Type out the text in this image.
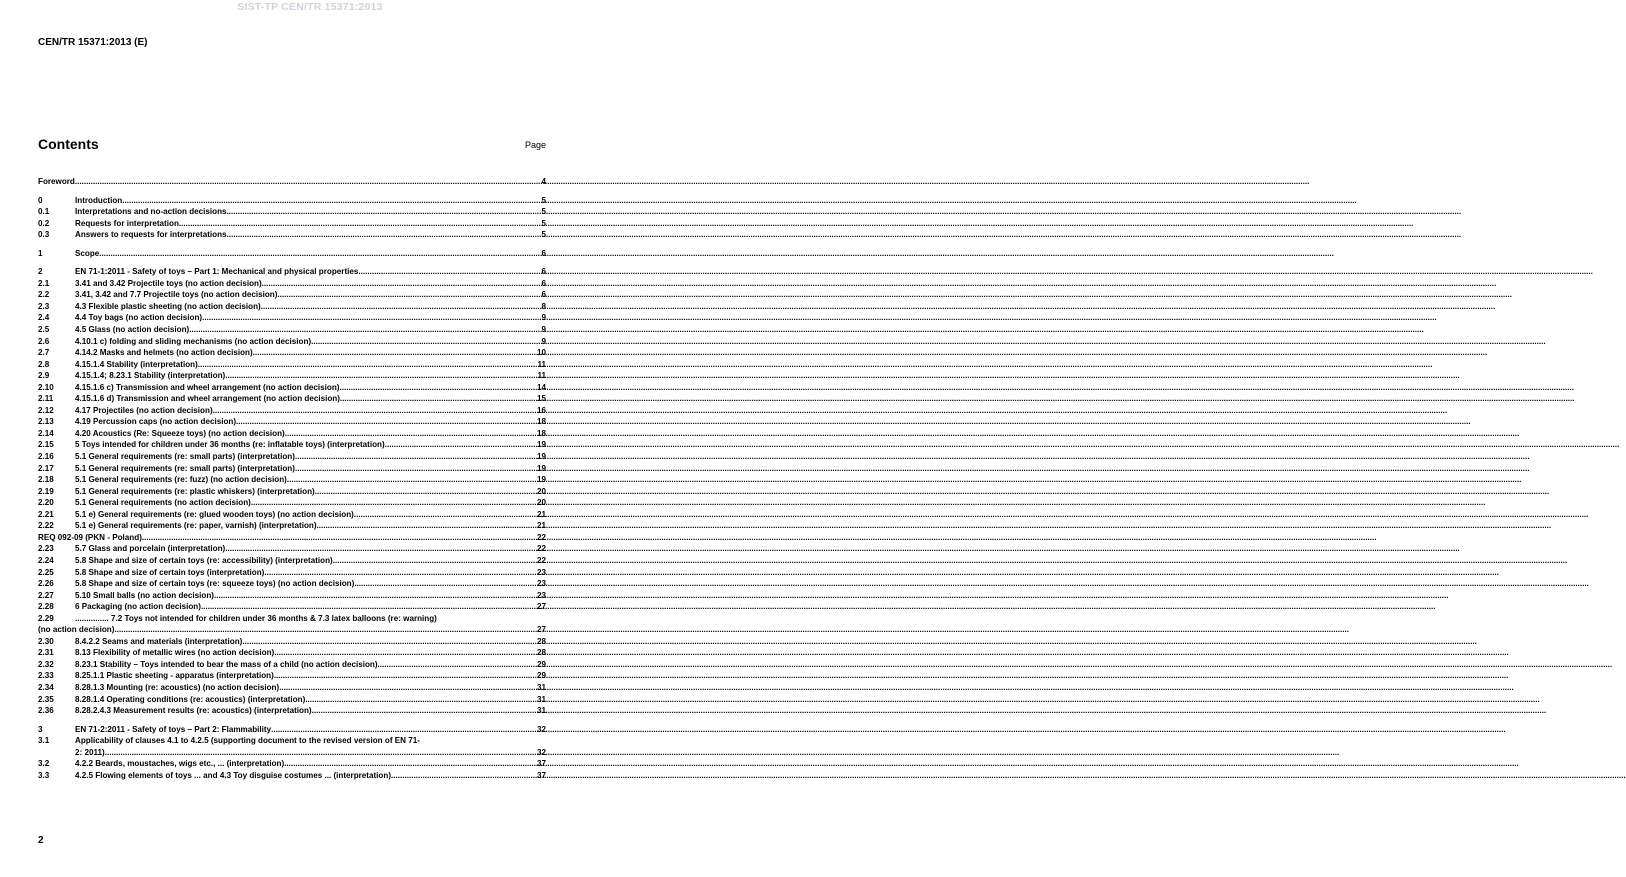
SIST-TP CEN/TR 15371:2013
CEN/TR 15371:2013 (E)
Contents	Page
Foreword .....	4
0	Introduction .....	5
0.1	Interpretations and no-action decisions .....	5
0.2	Requests for interpretation .....	5
0.3	Answers to requests for interpretations .....	5
1	Scope .....	6
2	EN 71-1:2011 - Safety of toys – Part 1: Mechanical and physical properties .....	6
2.1	3.41 and 3.42 Projectile toys (no action decision) .....	6
2.2	3.41, 3.42 and 7.7 Projectile toys (no action decision) .....	6
2.3	4.3 Flexible plastic sheeting (no action decision) .....	8
2.4	4.4 Toy bags (no action decision) .....	9
2.5	4.5 Glass (no action decision) .....	9
2.6	4.10.1 c) folding and sliding mechanisms (no action decision) .....	9
2.7	4.14.2 Masks and helmets (no action decision) .....	10
2.8	4.15.1.4 Stability (interpretation) .....	11
2.9	4.15.1.4; 8.23.1 Stability (interpretation) .....	11
2.10	4.15.1.6 c) Transmission and wheel arrangement (no action decision) .....	14
2.11	4.15.1.6 d) Transmission and wheel arrangement (no action decision) .....	15
2.12	4.17 Projectiles (no action decision) .....	16
2.13	4.19 Percussion caps (no action decision) .....	18
2.14	4.20 Acoustics (Re: Squeeze toys) (no action decision) .....	18
2.15	5 Toys intended for children under 36 months (re: inflatable toys) (interpretation) .....	19
2.16	5.1 General requirements (re: small parts) (interpretation) .....	19
2.17	5.1 General requirements (re: small parts) (interpretation) .....	19
2.18	5.1 General requirements (re: fuzz) (no action decision) .....	19
2.19	5.1 General requirements (re: plastic whiskers) (interpretation) .....	20
2.20	5.1 General requirements (no action decision) .....	20
2.21	5.1 e) General requirements (re: glued wooden toys) (no action decision) .....	21
2.22	5.1 e) General requirements (re: paper, varnish) (interpretation) .....	21
REQ 092-09 (PKN - Poland) .....	22
2.23	5.7 Glass and porcelain (interpretation) .....	22
2.24	5.8 Shape and size of certain toys (re: accessibility) (interpretation) .....	22
2.25	5.8 Shape and size of certain toys (interpretation) .....	23
2.26	5.8 Shape and size of certain toys (re: squeeze toys) (no action decision) .....	23
2.27	5.10 Small balls (no action decision) .....	23
2.28	6 Packaging (no action decision) .....	27
2.29	............... 7.2 Toys not intended for children under 36 months & 7.3 latex balloons (re: warning)
(no action decision) .....	27
2.30	8.4.2.2 Seams and materials (interpretation) .....	28
2.31	8.13 Flexibility of metallic wires (no action decision) .....	28
2.32	8.23.1 Stability – Toys intended to bear the mass of a child (no action decision) .....	29
2.33	8.25.1.1 Plastic sheeting - apparatus (interpretation) .....	29
2.34	8.28.1.3 Mounting (re: acoustics) (no action decision) .....	31
2.35	8.28.1.4 Operating conditions (re: acoustics) (interpretation) .....	31
2.36	8.28.2.4.3 Measurement results (re: acoustics) (interpretation) .....	31
3	EN 71-2:2011 - Safety of toys – Part 2: Flammability .....	32
3.1	Applicability of clauses 4.1 to 4.2.5 (supporting document to the revised version of EN 71-
2: 2011) .....	32
3.2	4.2.2 Beards, moustaches, wigs etc., ... (interpretation) .....	37
3.3	4.2.5 Flowing elements of toys ... and 4.3 Toy disguise costumes ... (interpretation) .....	37
2
